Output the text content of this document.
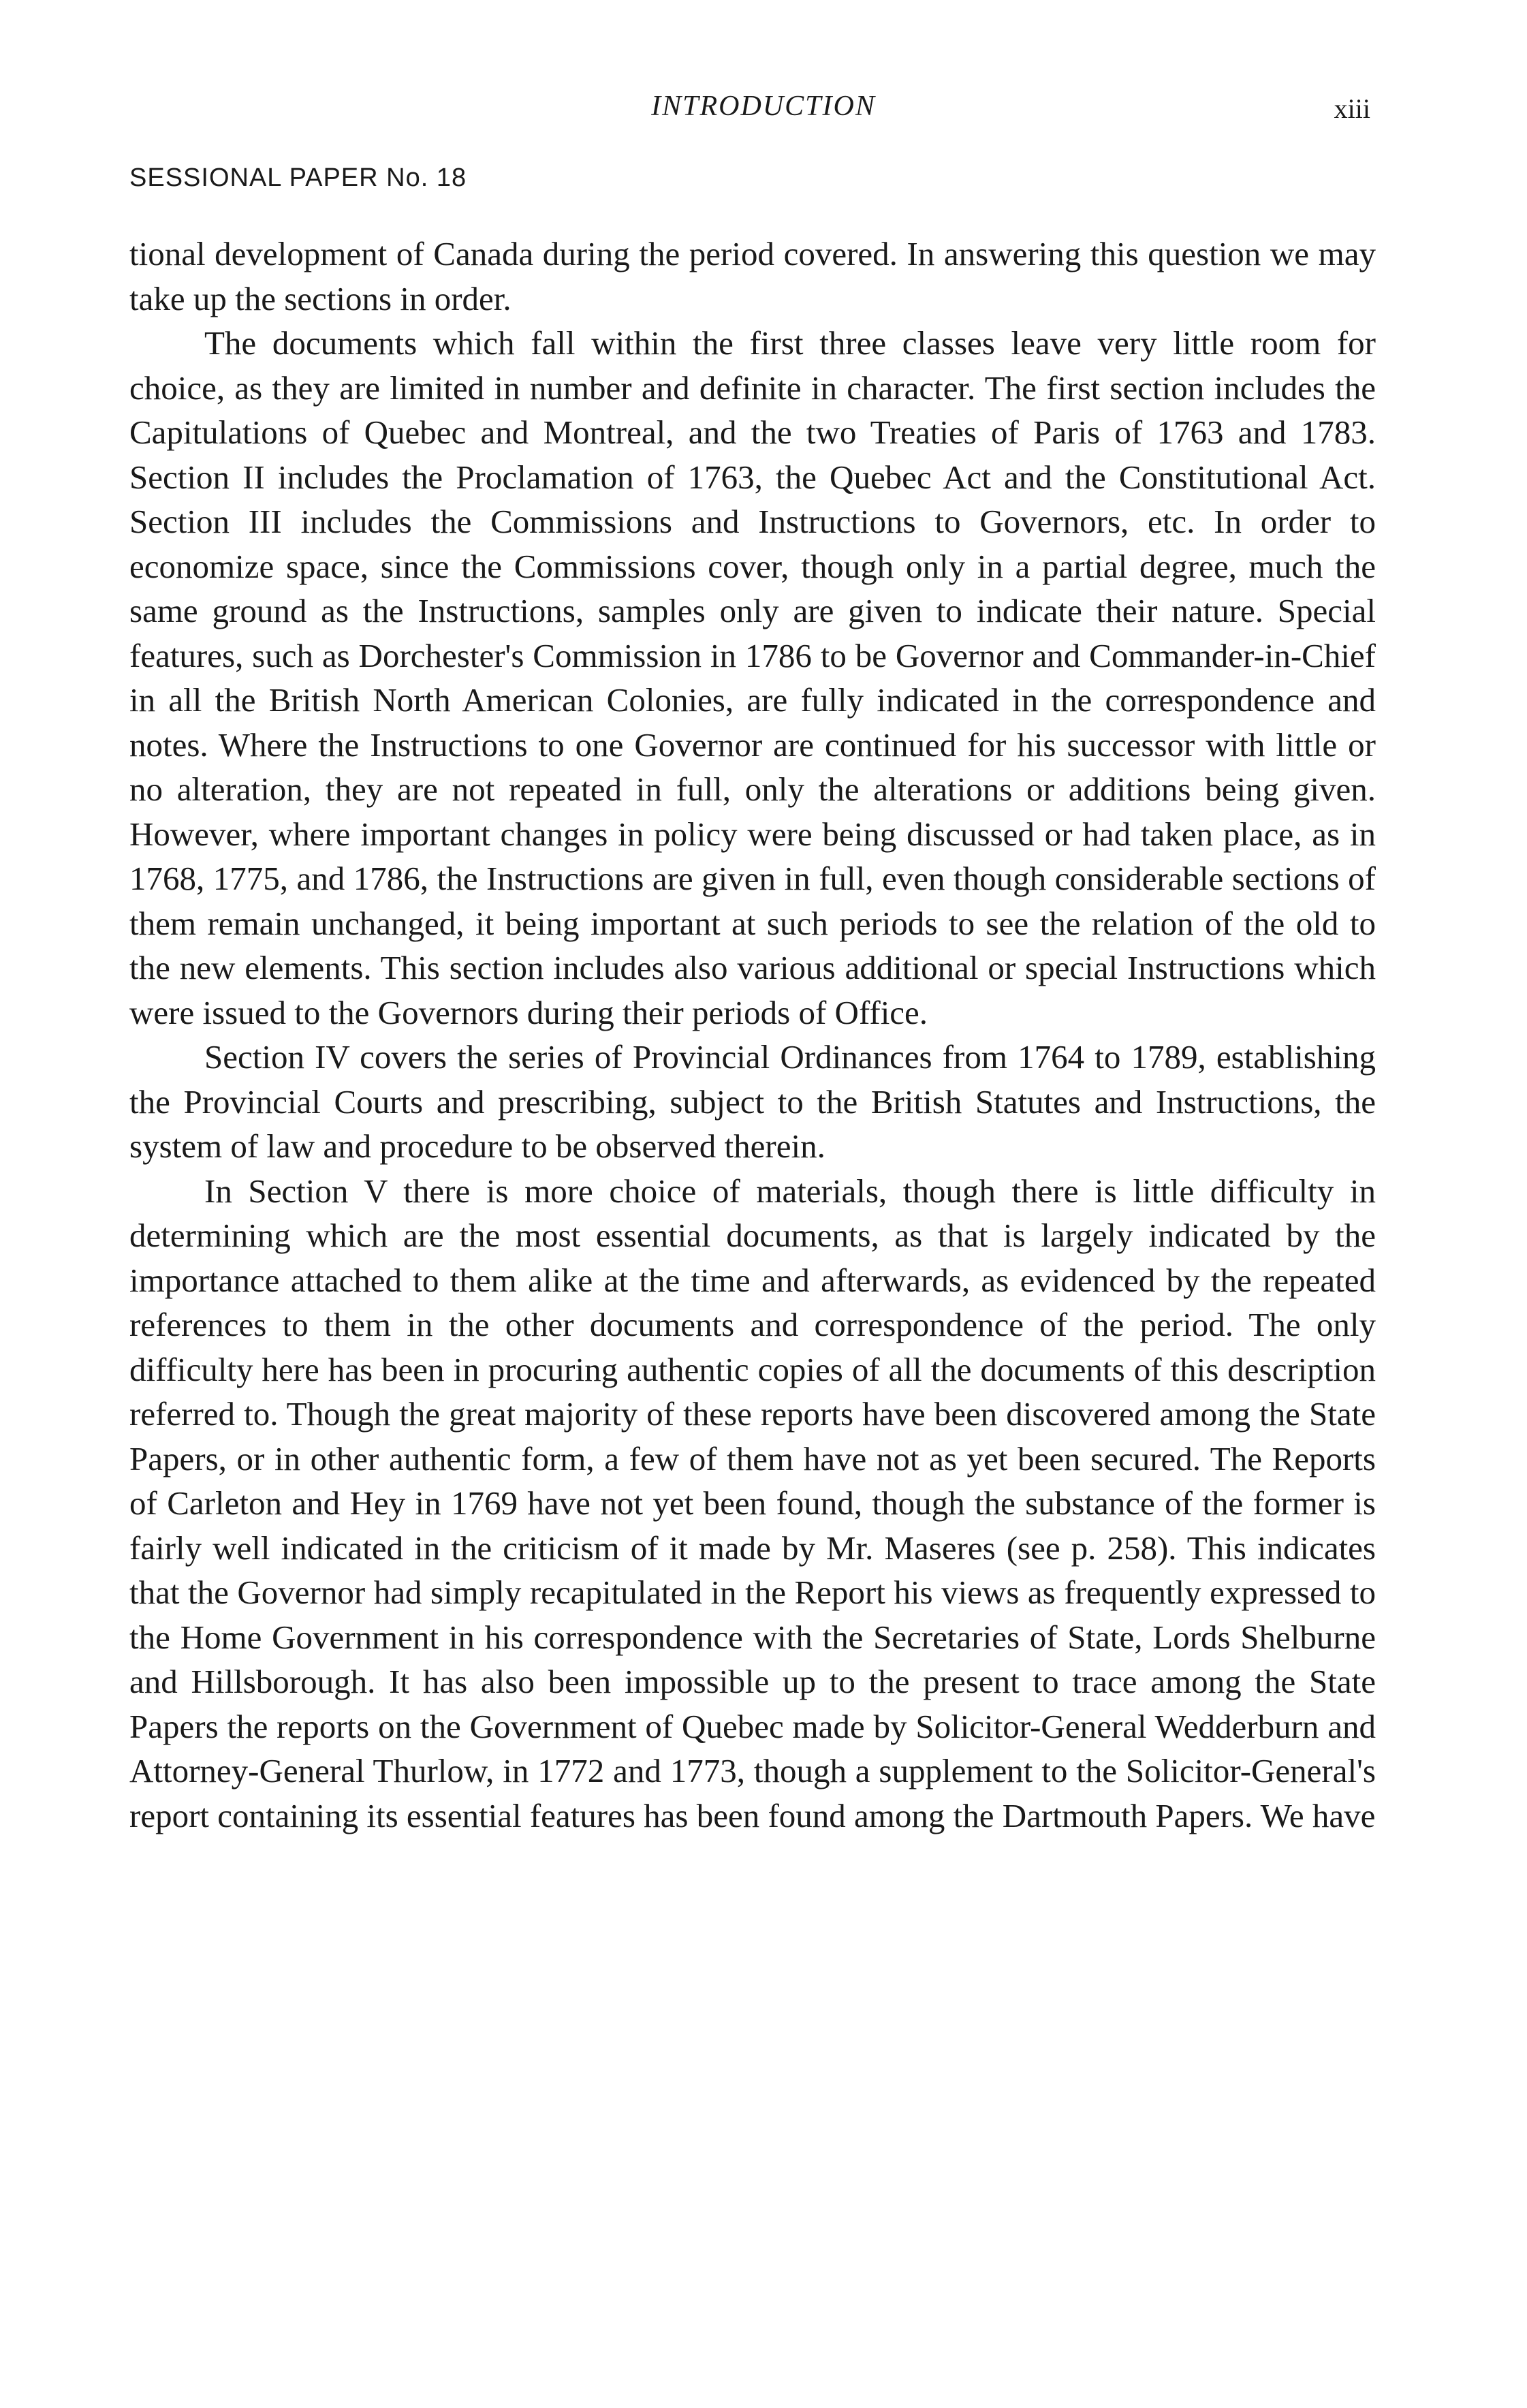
INTRODUCTION	xiii
SESSIONAL PAPER No. 18

tional development of Canada during the period covered. In answering this question we may take up the sections in order.

The documents which fall within the first three classes leave very little room for choice, as they are limited in number and definite in character. The first section includes the Capitulations of Quebec and Montreal, and the two Treaties of Paris of 1763 and 1783. Section II includes the Proclamation of 1763, the Quebec Act and the Constitutional Act. Section III includes the Commissions and Instructions to Governors, etc. In order to economize space, since the Commissions cover, though only in a partial degree, much the same ground as the Instructions, samples only are given to indicate their nature. Special features, such as Dorchester's Commission in 1786 to be Governor and Commander-in-Chief in all the British North American Colonies, are fully indicated in the correspondence and notes. Where the Instructions to one Governor are continued for his successor with little or no alteration, they are not repeated in full, only the alterations or additions being given. However, where important changes in policy were being discussed or had taken place, as in 1768, 1775, and 1786, the Instructions are given in full, even though considerable sections of them remain unchanged, it being important at such periods to see the relation of the old to the new elements. This section includes also various additional or special Instructions which were issued to the Governors during their periods of Office.

Section IV covers the series of Provincial Ordinances from 1764 to 1789, establishing the Provincial Courts and prescribing, subject to the British Statutes and Instructions, the system of law and procedure to be observed therein.

In Section V there is more choice of materials, though there is little difficulty in determining which are the most essential documents, as that is largely indicated by the importance attached to them alike at the time and afterwards, as evidenced by the repeated references to them in the other documents and correspondence of the period. The only difficulty here has been in procuring authentic copies of all the documents of this description referred to. Though the great majority of these reports have been discovered among the State Papers, or in other authentic form, a few of them have not as yet been secured. The Reports of Carleton and Hey in 1769 have not yet been found, though the substance of the former is fairly well indicated in the criticism of it made by Mr. Maseres (see p. 258). This indicates that the Governor had simply recapitulated in the Report his views as frequently expressed to the Home Government in his correspondence with the Secretaries of State, Lords Shelburne and Hillsborough. It has also been impossible up to the present to trace among the State Papers the reports on the Government of Quebec made by Solicitor-General Wedderburn and Attorney-General Thurlow, in 1772 and 1773, though a supplement to the Solicitor-General's report containing its essential features has been found among the Dartmouth Papers. We have
